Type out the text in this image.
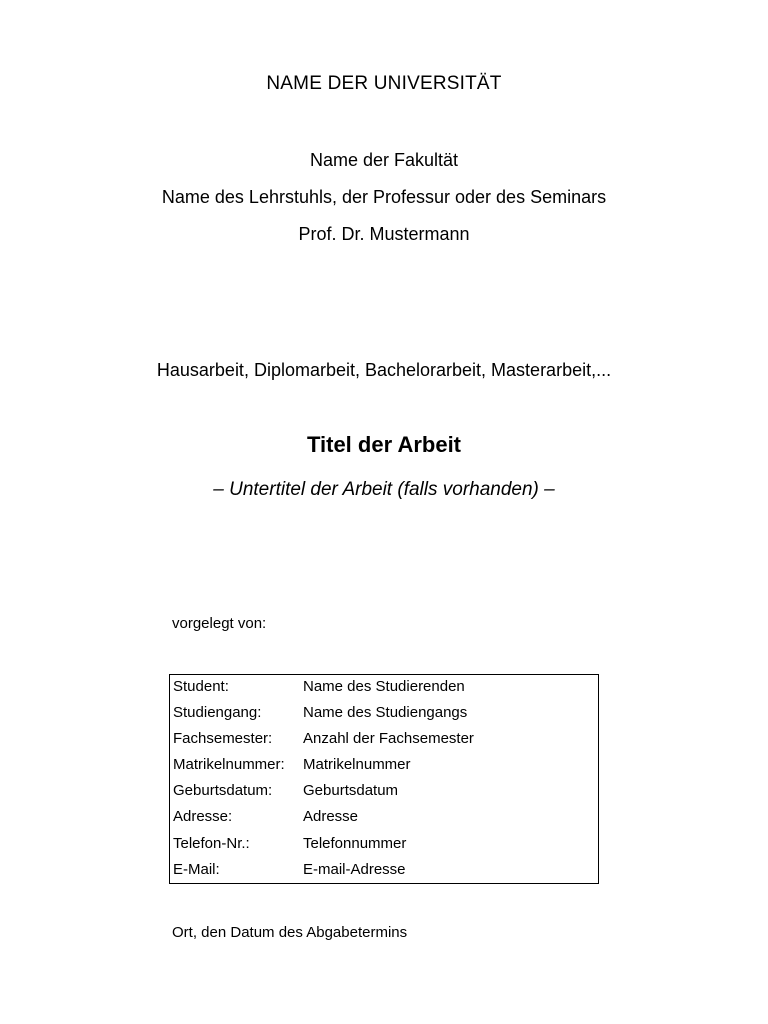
NAME DER UNIVERSITÄT
Name der Fakultät
Name des Lehrstuhls, der Professur oder des Seminars
Prof. Dr. Mustermann
Hausarbeit, Diplomarbeit, Bachelorarbeit, Masterarbeit,...
Titel der Arbeit
– Untertitel der Arbeit (falls vorhanden) –
vorgelegt von:
Student:	Name des Studierenden
Studiengang:	Name des Studiengangs
Fachsemester: Anzahl der Fachsemester
Matrikelnummer: Matrikelnummer
Geburtsdatum: Geburtsdatum
Adresse:	Adresse
Telefon-Nr.:	Telefonnummer
E-Mail:	E-mail-Adresse
Ort, den Datum des Abgabetermins
